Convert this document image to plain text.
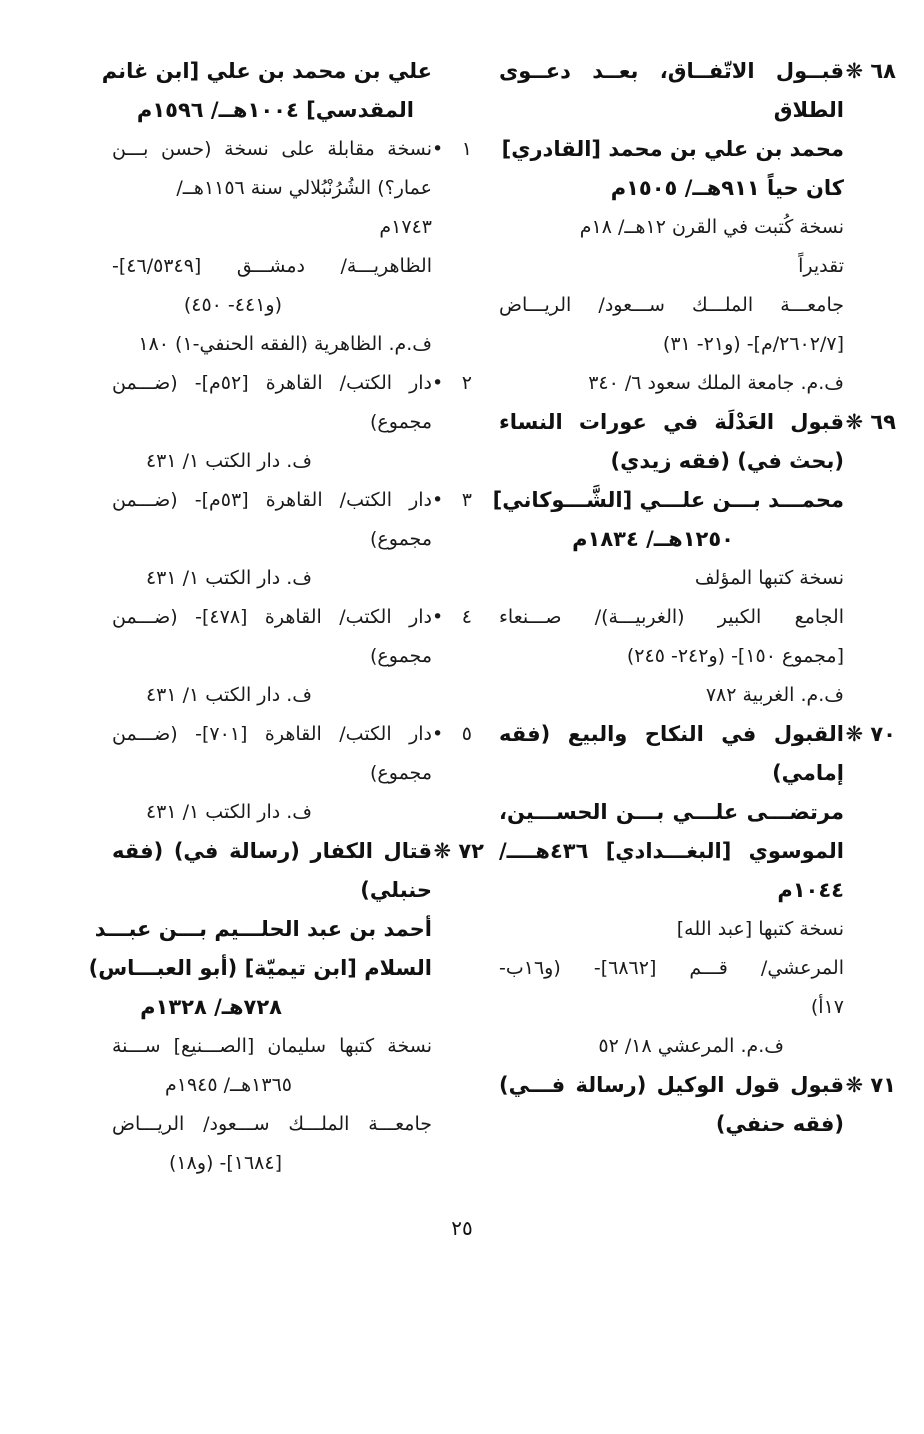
٦٨ ❋
قبــول الاتّفــاق، بعــد دعــوى
الطلاق
محمد بن علي بن محمد [القادري]
كان حياً ٩١١هــ/ ١٥٠٥م
نسخة كُتبت في القرن ١٢هــ/ ١٨م
تقديراً
جامعـــة الملـــك ســـعود/ الريـــاض
[٢٦٠٢/٧/م]- (و٢١- ٣١)
ف.م. جامعة الملك سعود ٦/ ٣٤٠
٦٩ ❋
قبول العَدْلَة في عورات النساء
(بحث في) (فقه زيدي)
محمـــد بـــن علـــي [الشَّـــوكاني]
١٢٥٠هــ/ ١٨٣٤م
نسخة كتبها المؤلف
الجامع الكبير (الغربيـــة)/ صـــنعاء
[مجموع ١٥٠]- (و٢٤٢- ٢٤٥)
ف.م. الغربية ٧٨٢
٧٠ ❋
القبول في النكاح والبيع (فقه
إمامي)
مرتضـــى علـــي بـــن الحســـين،
الموسوي [البغـــدادي] ٤٣٦هــــ/
١٠٤٤م
نسخة كتبها [عبد الله]
المرعشي/ قـــم [٦٨٦٢]- (و١٦ب-
١٧أ)
ف.م. المرعشي ١٨/ ٥٢
٧١ ❋
قبول قول الوكيل (رسالة فـــي)
(فقه حنفي)
علي بن محمد بن علي [ابن غانم
المقدسي] ١٠٠٤هــ/ ١٥٩٦م
١ •
نسخة مقابلة على نسخة (حسن بـــن
عمار؟) الشُرُنْبُلالي سنة ١١٥٦هــ/
١٧٤٣م
الظاهريـــة/ دمشـــق [٤٦/٥٣٤٩]-
(و٤٤١- ٤٥٠)
ف.م. الظاهرية (الفقه الحنفي-١) ١٨٠
٢ •
دار الكتب/ القاهرة [٥٢م]- (ضـــمن
مجموع)
ف. دار الكتب ١/ ٤٣١
٣ •
دار الكتب/ القاهرة [٥٣م]- (ضـــمن
مجموع)
ف. دار الكتب ١/ ٤٣١
٤ •
دار الكتب/ القاهرة [٤٧٨]- (ضـــمن
مجموع)
ف. دار الكتب ١/ ٤٣١
٥ •
دار الكتب/ القاهرة [٧٠١]- (ضـــمن
مجموع)
ف. دار الكتب ١/ ٤٣١
٧٢ ❋
قتال الكفار (رسالة في) (فقه
حنبلي)
أحمد بن عبد الحلـــيم بـــن عبـــد
السلام [ابن تيميّة] (أبو العبـــاس)
٧٢٨هـ/ ١٣٢٨م
نسخة كتبها سليمان [الصـــنيع] ســـنة
١٣٦٥هــ/ ١٩٤٥م
جامعـــة الملـــك ســـعود/ الريـــاض
[١٦٨٤]- (و١٨)
٢٥
